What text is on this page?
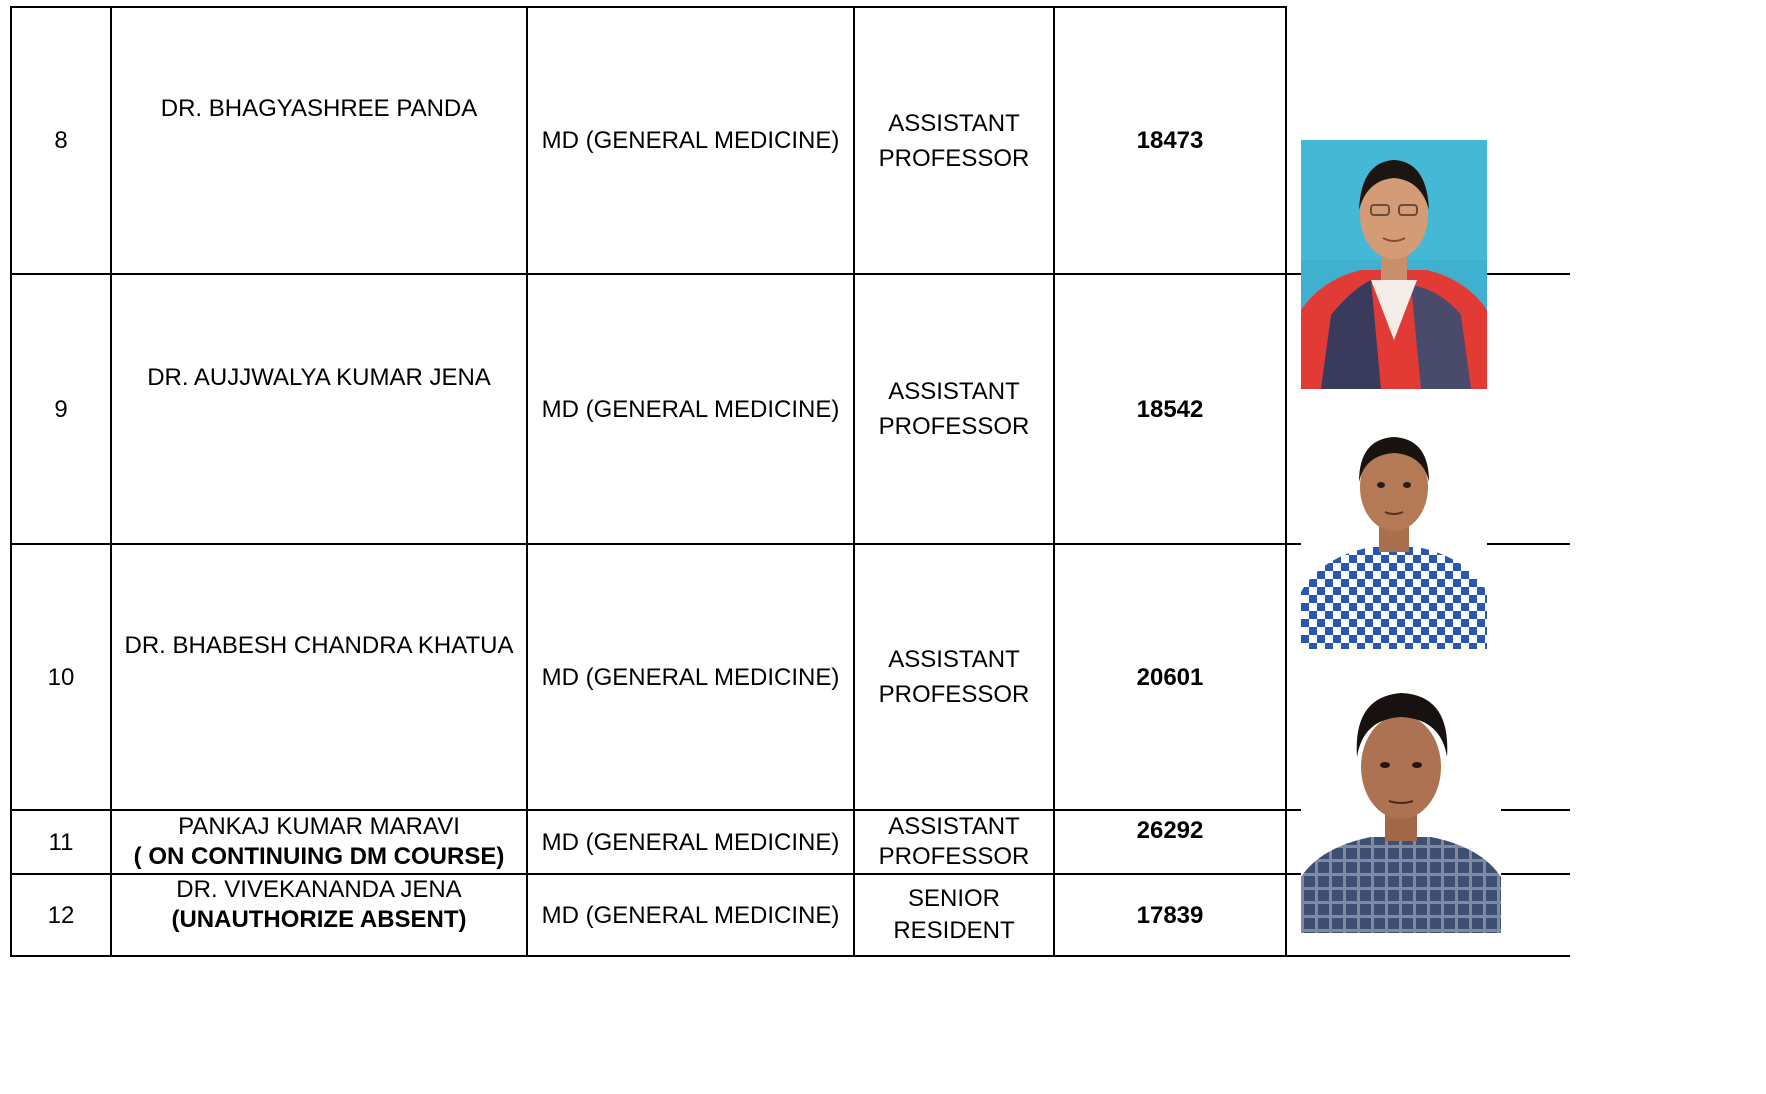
8	DR. BHAGYASHREE PANDA	MD (GENERAL MEDICINE)	ASSISTANT
PROFESSOR	18473	

9	DR. AUJJWALYA KUMAR JENA	MD (GENERAL MEDICINE)	ASSISTANT
PROFESSOR	18542	

10	DR. BHABESH CHANDRA KHATUA	MD (GENERAL MEDICINE)	ASSISTANT
PROFESSOR	20601	

11	PANKAJ KUMAR MARAVI
( ON CONTINUING DM COURSE)	MD (GENERAL MEDICINE)	ASSISTANT
PROFESSOR	26292	
12	DR. VIVEKANANDA JENA
(UNAUTHORIZE ABSENT)	MD (GENERAL MEDICINE)	SENIOR
RESIDENT	17839	
